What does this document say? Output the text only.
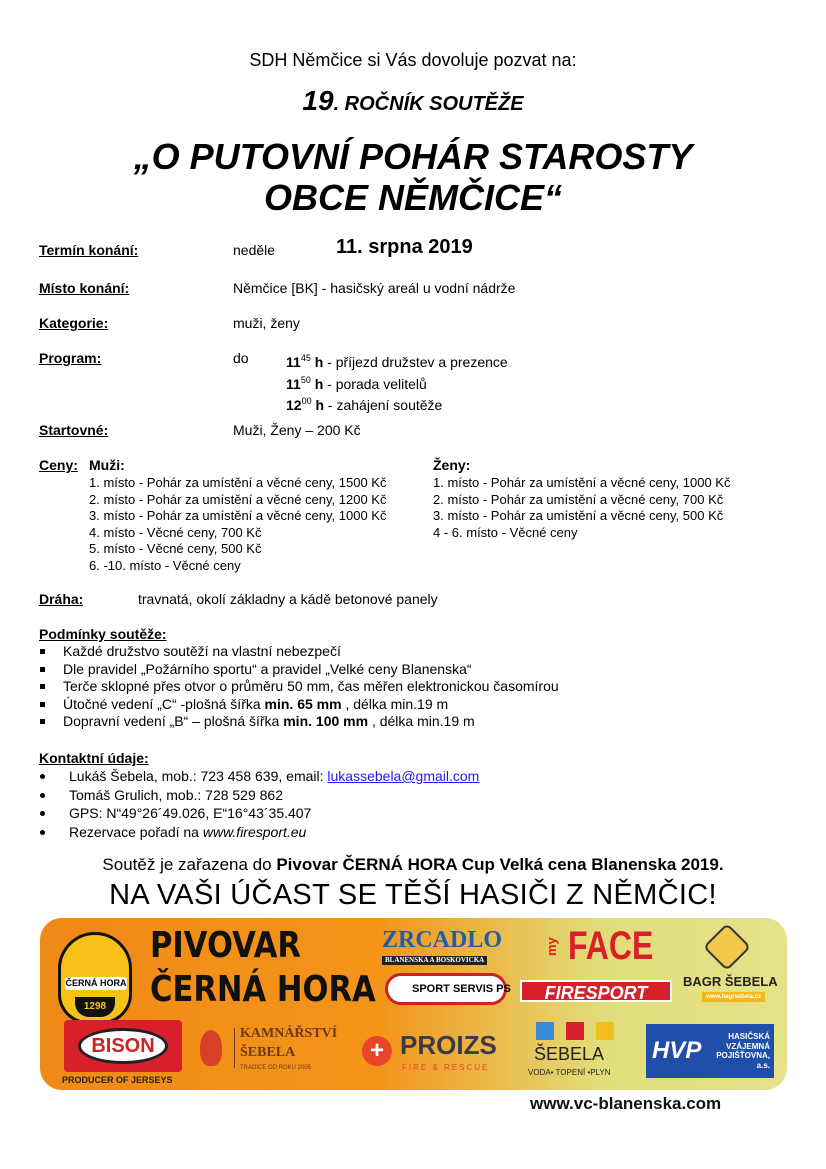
SDH Němčice si Vás dovoluje pozvat na:
19. ROČNÍK SOUTĚŽE
„O PUTOVNÍ POHÁR STAROSTY
OBCE NĚMČICE“
Termín konání:	neděle	11. srpna 2019
Místo konání:	Němčice [BK] - hasičský areál u vodní nádrže
Kategorie:	muži, ženy
Program:	do	$11^{45}$ h - příjezd družstev a prezence
$11^{50}$ h - porada velitelů
$12^{00}$ h - zahájení soutěže
Startovné:	Muži, Ženy – 200 Kč
Ceny: Muži:
1. místo - Pohár za umístění a věcné ceny, 1500 Kč
2. místo - Pohár za umístění a věcné ceny, 1200 Kč
3. místo - Pohár za umístění a věcné ceny, 1000 Kč
4. místo - Věcné ceny, 700 Kč
5. místo - Věcné ceny, 500 Kč
6. -10. místo - Věcné ceny
Ženy:
1. místo - Pohár za umístění a věcné ceny, 1000 Kč
2. místo - Pohár za umístění a věcné ceny, 700 Kč
3. místo - Pohár za umístění a věcné ceny, 500 Kč
4 - 6. místo - Věcné ceny
Dráha:	travnatá, okolí základny a kádě betonové panely
Podmínky soutěže:
Každé družstvo soutěží na vlastní nebezpečí
Dle pravidel „Požárního sportu“ a pravidel „Velké ceny Blanenska“
Terče sklopné přes otvor o průměru 50 mm, čas měřen elektronickou časomírou
Útočné vedení „C“ -plošná šířka min. 65 mm , délka min.19 m
Dopravní vedení „B“ – plošná šířka min. 100 mm , délka min.19 m
Kontaktní údaje:
Lukáš Šebela, mob.: 723 458 639, email: lukassebela@gmail.com
Tomáš Grulich, mob.: 728 529 862
GPS: N“49°26´49.026, E“16°43´35.407
Rezervace pořadí na www.firesport.eu
Soutěž je zařazena do Pivovar ČERNÁ HORA Cup Velká cena Blanenska 2019.
NA VAŠI ÚČAST SE TĚŠÍ HASIČI Z NĚMČIC!
ČERNÁ HORA
1298
PIVOVAR
ČERNÁ HORA
ZRCADLO
BLANENSKA A BOSKOVICKA
SPORT SERVIS PS
my FACE
FIRESPORT
BAGR ŠEBELA
www.bagrsebela.cz
BISON
PRODUCER OF JERSEYS
KAMNÁŘSTVÍ
ŠEBELA
TRADICE OD ROKU 2005
+ PROIZS
FIRE & RESCUE
ŠEBELA
VODA• TOPENÍ •PLYN
HVP
HASIČSKÁ VZÁJEMNÁ POJIŠŤOVNA, a.s.
www.vc-blanenska.com
